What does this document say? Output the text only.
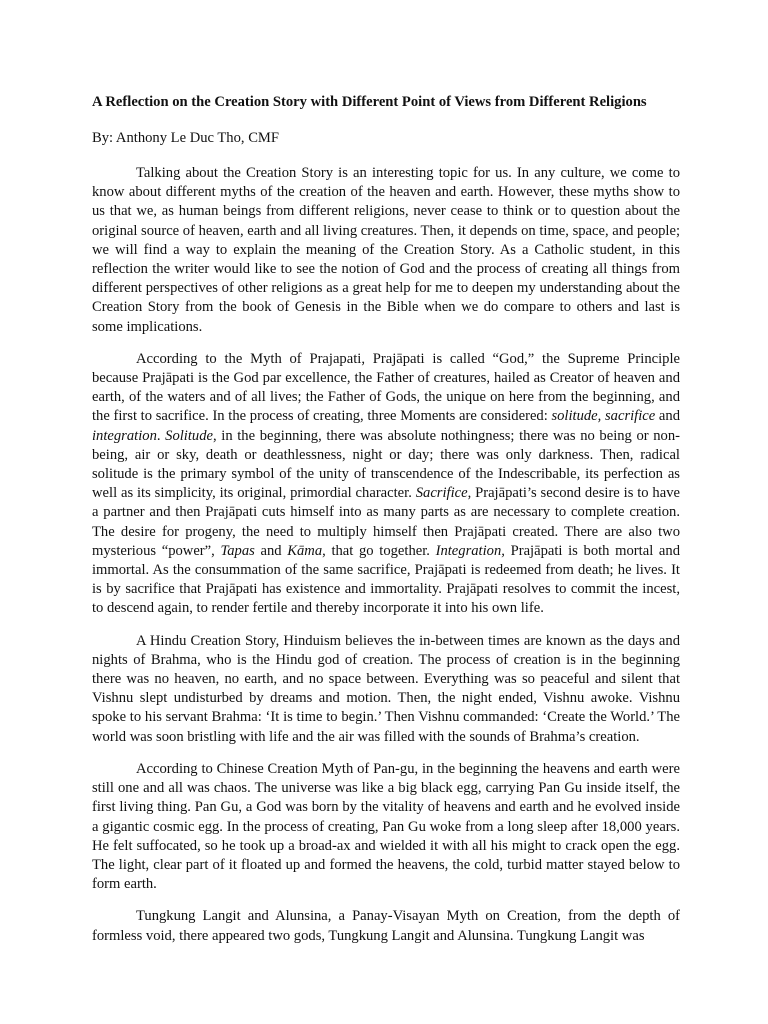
A Reflection on the Creation Story with Different Point of Views from Different Religions
By: Anthony Le Duc Tho, CMF

Talking about the Creation Story is an interesting topic for us. In any culture, we come to know about different myths of the creation of the heaven and earth. However, these myths show to us that we, as human beings from different religions, never cease to think or to question about the original source of heaven, earth and all living creatures. Then, it depends on time, space, and people; we will find a way to explain the meaning of the Creation Story. As a Catholic student, in this reflection the writer would like to see the notion of God and the process of creating all things from different perspectives of other religions as a great help for me to deepen my understanding about the Creation Story from the book of Genesis in the Bible when we do compare to others and last is some implications.

According to the Myth of Prajapati, Prajāpati is called “God,” the Supreme Principle because Prajāpati is the God par excellence, the Father of creatures, hailed as Creator of heaven and earth, of the waters and of all lives; the Father of Gods, the unique on here from the beginning, and the first to sacrifice. In the process of creating, three Moments are considered: solitude, sacrifice and integration. Solitude, in the beginning, there was absolute nothingness; there was no being or non-being, air or sky, death or deathlessness, night or day; there was only darkness. Then, radical solitude is the primary symbol of the unity of transcendence of the Indescribable, its perfection as well as its simplicity, its original, primordial character. Sacrifice, Prajāpati’s second desire is to have a partner and then Prajāpati cuts himself into as many parts as are necessary to complete creation. The desire for progeny, the need to multiply himself then Prajāpati created. There are also two mysterious “power”, Tapas and Kāma, that go together. Integration, Prajāpati is both mortal and immortal. As the consummation of the same sacrifice, Prajāpati is redeemed from death; he lives. It is by sacrifice that Prajāpati has existence and immortality. Prajāpati resolves to commit the incest, to descend again, to render fertile and thereby incorporate it into his own life.

A Hindu Creation Story, Hinduism believes the in-between times are known as the days and nights of Brahma, who is the Hindu god of creation. The process of creation is in the beginning there was no heaven, no earth, and no space between. Everything was so peaceful and silent that Vishnu slept undisturbed by dreams and motion. Then, the night ended, Vishnu awoke. Vishnu spoke to his servant Brahma: ‘It is time to begin.’ Then Vishnu commanded: ‘Create the World.’ The world was soon bristling with life and the air was filled with the sounds of Brahma’s creation.

According to Chinese Creation Myth of Pan-gu, in the beginning the heavens and earth were still one and all was chaos. The universe was like a big black egg, carrying Pan Gu inside itself, the first living thing. Pan Gu, a God was born by the vitality of heavens and earth and he evolved inside a gigantic cosmic egg. In the process of creating, Pan Gu woke from a long sleep after 18,000 years. He felt suffocated, so he took up a broad-ax and wielded it with all his might to crack open the egg. The light, clear part of it floated up and formed the heavens, the cold, turbid matter stayed below to form earth.

Tungkung Langit and Alunsina, a Panay-Visayan Myth on Creation, from the depth of formless void, there appeared two gods, Tungkung Langit and Alunsina. Tungkung Langit was
